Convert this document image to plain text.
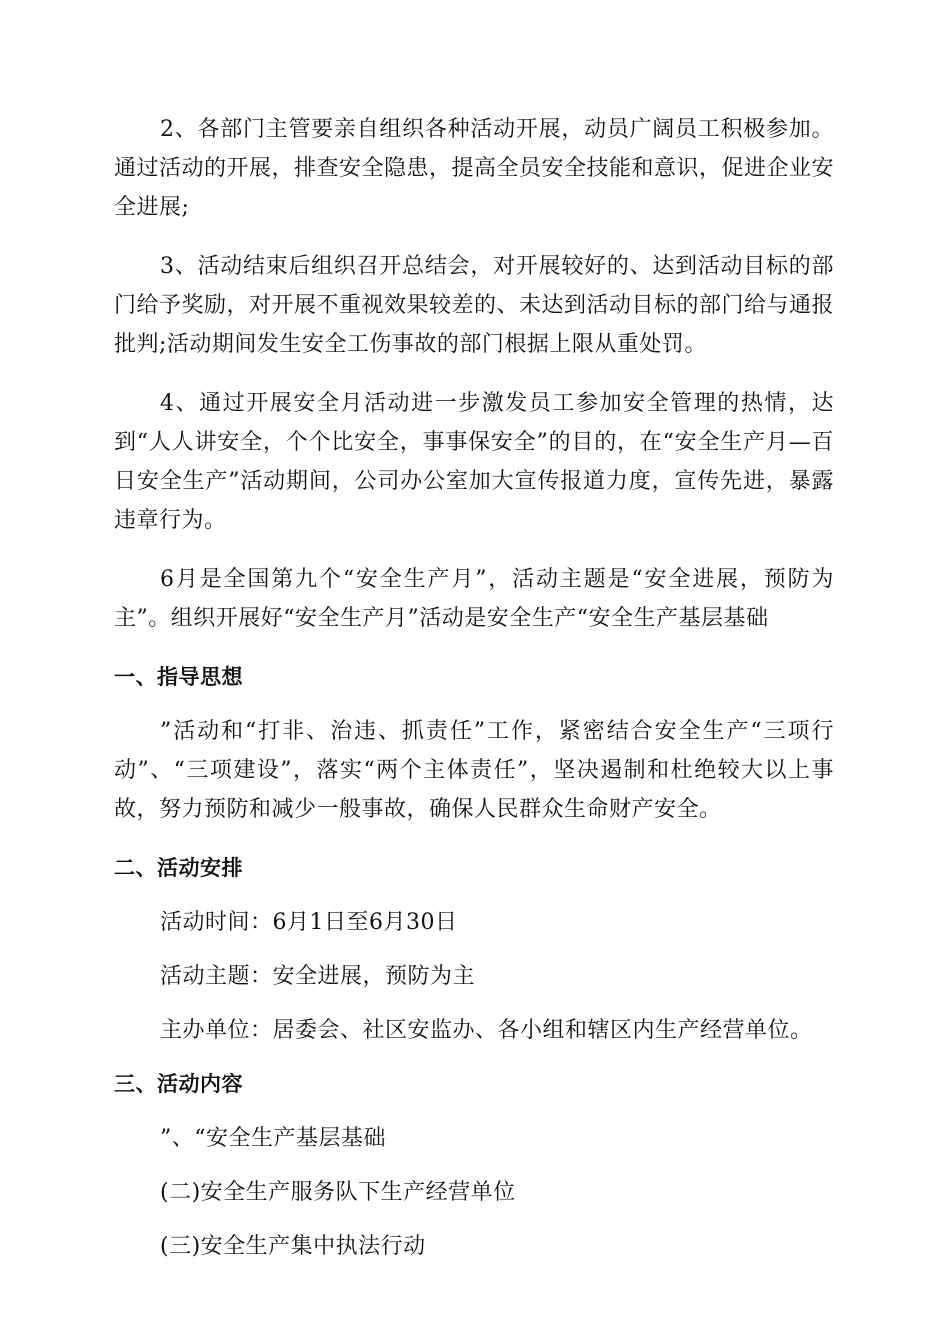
2、各部门主管要亲自组织各种活动开展，动员广阔员工积极参加。通过活动的开展，排查安全隐患，提高全员安全技能和意识，促进企业安全进展;

3、活动结束后组织召开总结会，对开展较好的、达到活动目标的部门给予奖励，对开展不重视效果较差的、未达到活动目标的部门给与通报批判;活动期间发生安全工伤事故的部门根据上限从重处罚。

4、通过开展安全月活动进一步激发员工参加安全管理的热情，达到“人人讲安全，个个比安全，事事保安全”的目的，在“安全生产月—百日安全生产”活动期间，公司办公室加大宣传报道力度，宣传先进，暴露违章行为。

6月是全国第九个“安全生产月”，活动主题是“安全进展，预防为主”。组织开展好“安全生产月”活动是安全生产“安全生产基层基础

一、指导思想

”活动和“打非、治违、抓责任”工作，紧密结合安全生产“三项行动”、“三项建设”，落实“两个主体责任”，坚决遏制和杜绝较大以上事故，努力预防和减少一般事故，确保人民群众生命财产安全。

二、活动安排

活动时间：6月1日至6月30日

活动主题：安全进展，预防为主

主办单位：居委会、社区安监办、各小组和辖区内生产经营单位。

三、活动内容

”、“安全生产基层基础

(二)安全生产服务队下生产经营单位

(三)安全生产集中执法行动
